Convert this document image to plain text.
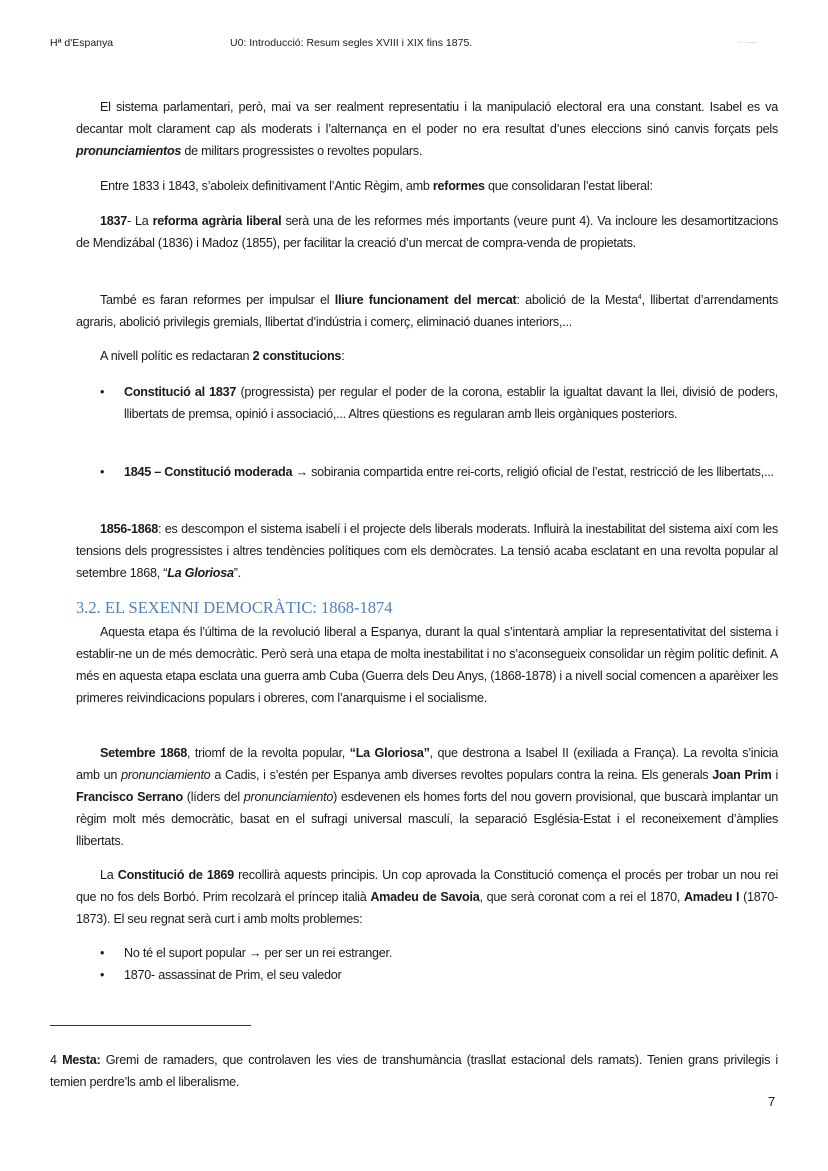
Hª d'Espanya	U0: Introducció: Resum segles XVIII i XIX fins 1875.	·· ·—·
El sistema parlamentari, però, mai va ser realment representatiu i la manipulació electoral era una constant. Isabel es va decantar molt clarament cap als moderats i l’alternança en el poder no era resultat d’unes eleccions sinó canvis forçats pels pronunciamientos de militars progressistes o revoltes populars.
Entre 1833 i 1843, s’aboleix definitivament l’Antic Règim, amb reformes que consolidaran l’estat liberal:
1837- La reforma agrària liberal serà una de les reformes més importants (veure punt 4). Va incloure les desamortitzacions de Mendizábal (1836) i Madoz (1855), per facilitar la creació d’un mercat de compra-venda de propietats.
També es faran reformes per impulsar el lliure funcionament del mercat: abolició de la Mesta$^4$, llibertat d’arrendaments agraris, abolició privilegis gremials, llibertat d’indústria i comerç, eliminació duanes interiors,...
A nivell polític es redactaran 2 constitucions:
• Constitució al 1837 (progressista) per regular el poder de la corona, establir la igualtat davant la llei, divisió de poders, llibertats de premsa, opinió i associació,... Altres qüestions es regularan amb lleis orgàniques posteriors.
• 1845 – Constitució moderada → sobirania compartida entre rei-corts, religió oficial de l’estat, restricció de les llibertats,...
1856-1868: es descompon el sistema isabelí i el projecte dels liberals moderats. Influirà la inestabilitat del sistema així com les tensions dels progressistes i altres tendències polítiques com els demòcrates. La tensió acaba esclatant en una revolta popular al setembre 1868, “La Gloriosa”.
3.2. EL SEXENNI DEMOCRÀTIC: 1868-1874
Aquesta etapa és l’última de la revolució liberal a Espanya, durant la qual s’intentarà ampliar la representativitat del sistema i establir-ne un de més democràtic. Però serà una etapa de molta inestabilitat i no s’aconsegueix consolidar un règim polític definit. A més en aquesta etapa esclata una guerra amb Cuba (Guerra dels Deu Anys, (1868-1878) i a nivell social comencen a aparèixer les primeres reivindicacions populars i obreres, com l’anarquisme i el socialisme.
Setembre 1868, triomf de la revolta popular, “La Gloriosa”, que destrona a Isabel II (exiliada a França). La revolta s’inicia amb un pronunciamiento a Cadis, i s’estén per Espanya amb diverses revoltes populars contra la reina. Els generals Joan Prim i Francisco Serrano (líders del pronunciamiento) esdevenen els homes forts del nou govern provisional, que buscarà implantar un règim molt més democràtic, basat en el sufragi universal masculí, la separació Església-Estat i el reconeixement d’àmplies llibertats.
La Constitució de 1869 recollirà aquests principis. Un cop aprovada la Constitució comença el procés per trobar un nou rei que no fos dels Borbó. Prim recolzarà el príncep italià Amadeu de Savoia, que serà coronat com a rei el 1870, Amadeu I (1870-1873). El seu regnat serà curt i amb molts problemes:
• No té el suport popular → per ser un rei estranger.
• 1870- assassinat de Prim, el seu valedor
4 Mesta: Gremi de ramaders, que controlaven les vies de transhumància (trasllat estacional dels ramats). Tenien grans privilegis i temien perdre’ls amb el liberalisme.
7
